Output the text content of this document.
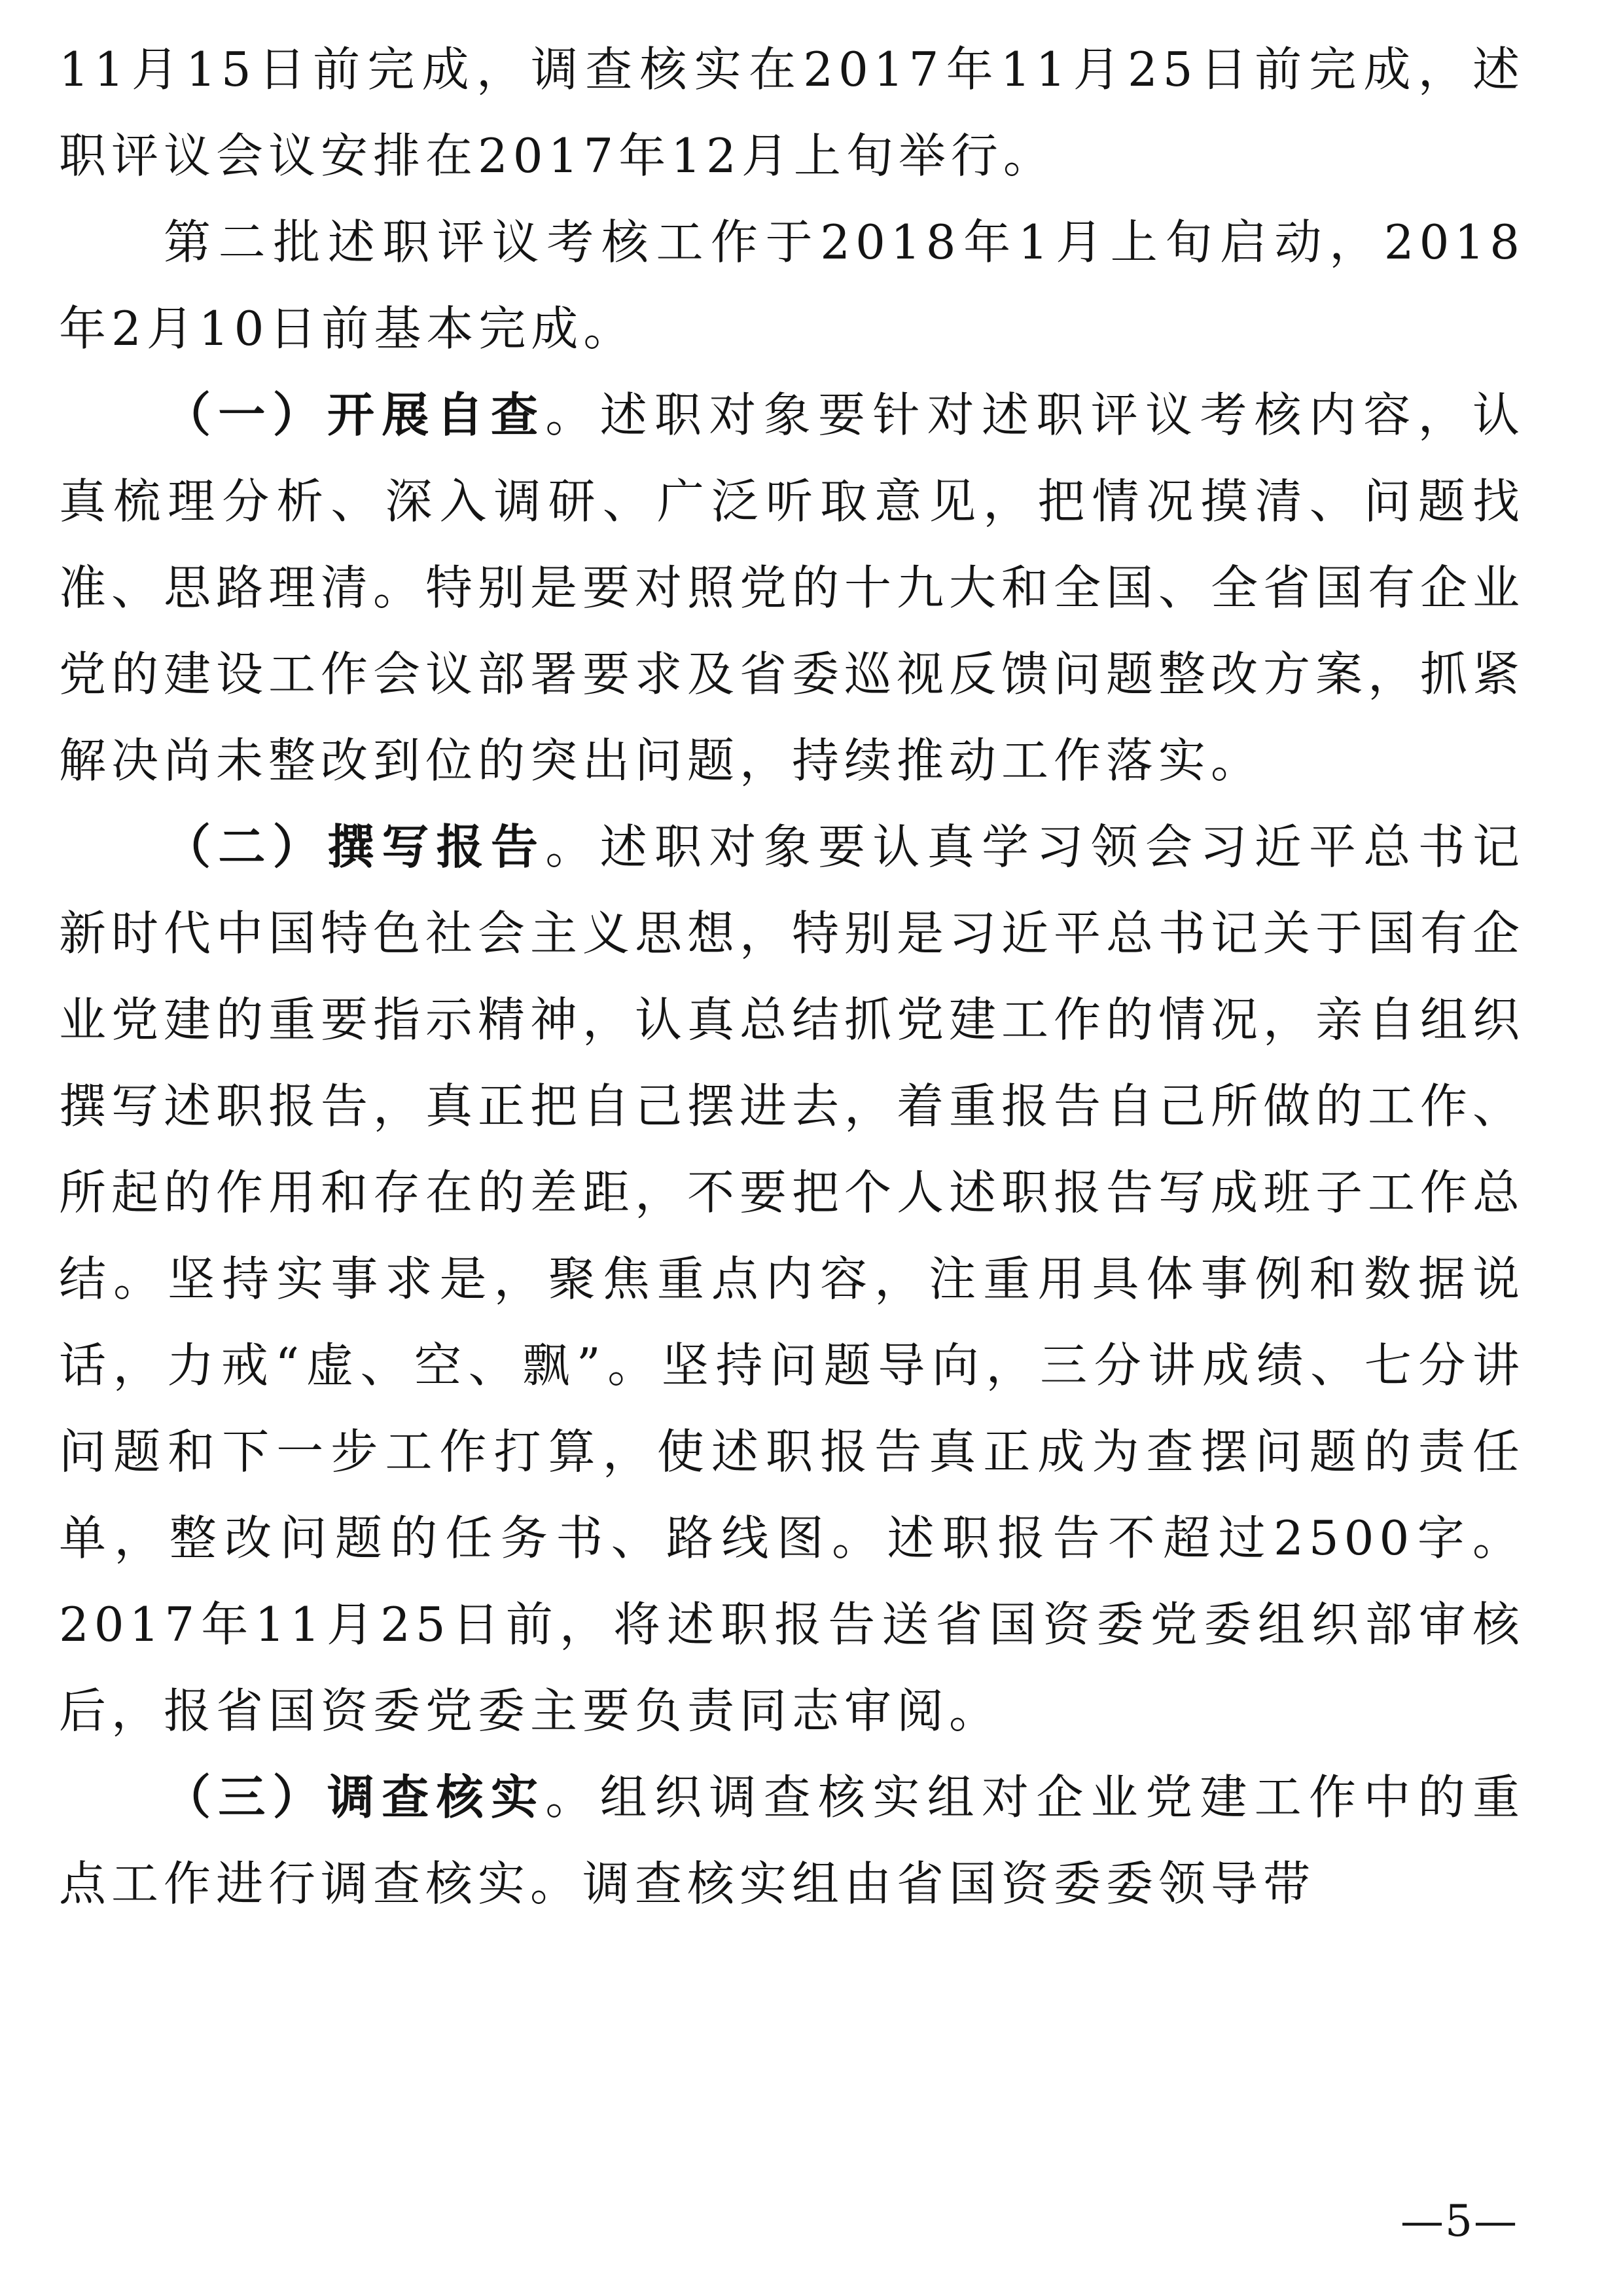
11月15日前完成，调查核实在2017年11月25日前完成，述职评议会议安排在2017年12月上旬举行。

第二批述职评议考核工作于2018年1月上旬启动，2018年2月10日前基本完成。

（一）开展自查。述职对象要针对述职评议考核内容，认真梳理分析、深入调研、广泛听取意见，把情况摸清、问题找准、思路理清。特别是要对照党的十九大和全国、全省国有企业党的建设工作会议部署要求及省委巡视反馈问题整改方案，抓紧解决尚未整改到位的突出问题，持续推动工作落实。

（二）撰写报告。述职对象要认真学习领会习近平总书记新时代中国特色社会主义思想，特别是习近平总书记关于国有企业党建的重要指示精神，认真总结抓党建工作的情况，亲自组织撰写述职报告，真正把自己摆进去，着重报告自己所做的工作、所起的作用和存在的差距，不要把个人述职报告写成班子工作总结。坚持实事求是，聚焦重点内容，注重用具体事例和数据说话，力戒“虚、空、飘”。坚持问题导向，三分讲成绩、七分讲问题和下一步工作打算，使述职报告真正成为查摆问题的责任单，整改问题的任务书、路线图。述职报告不超过2500字。2017年11月25日前，将述职报告送省国资委党委组织部审核后，报省国资委党委主要负责同志审阅。

（三）调查核实。组织调查核实组对企业党建工作中的重点工作进行调查核实。调查核实组由省国资委委领导带

—5—
